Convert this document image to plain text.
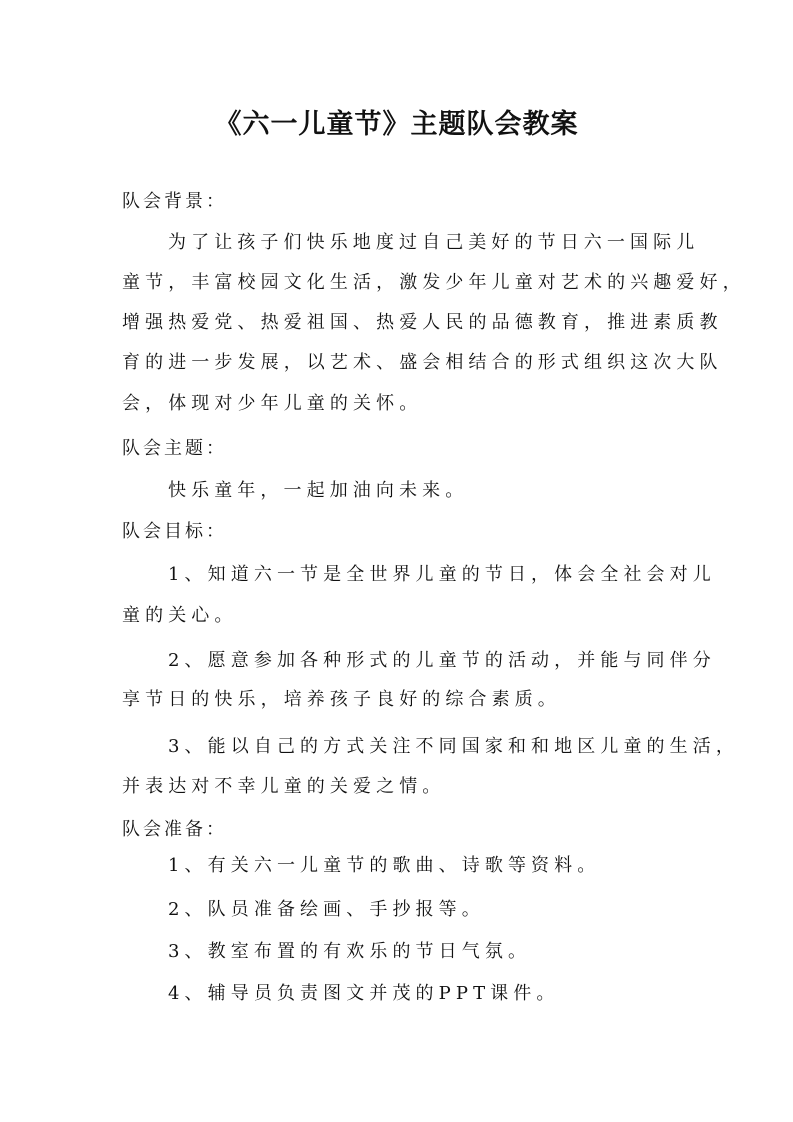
《六一儿童节》主题队会教案
队会背景：
为了让孩子们快乐地度过自己美好的节日六一国际儿
童节，丰富校园文化生活，激发少年儿童对艺术的兴趣爱好，
增强热爱党、热爱祖国、热爱人民的品德教育，推进素质教
育的进一步发展，以艺术、盛会相结合的形式组织这次大队
会，体现对少年儿童的关怀。
队会主题：
快乐童年，一起加油向未来。
队会目标：
1、知道六一节是全世界儿童的节日，体会全社会对儿
童的关心。
2、愿意参加各种形式的儿童节的活动，并能与同伴分
享节日的快乐，培养孩子良好的综合素质。
3、能以自己的方式关注不同国家和和地区儿童的生活，
并表达对不幸儿童的关爱之情。
队会准备：
1、有关六一儿童节的歌曲、诗歌等资料。
2、队员准备绘画、手抄报等。
3、教室布置的有欢乐的节日气氛。
4、辅导员负责图文并茂的PPT课件。
